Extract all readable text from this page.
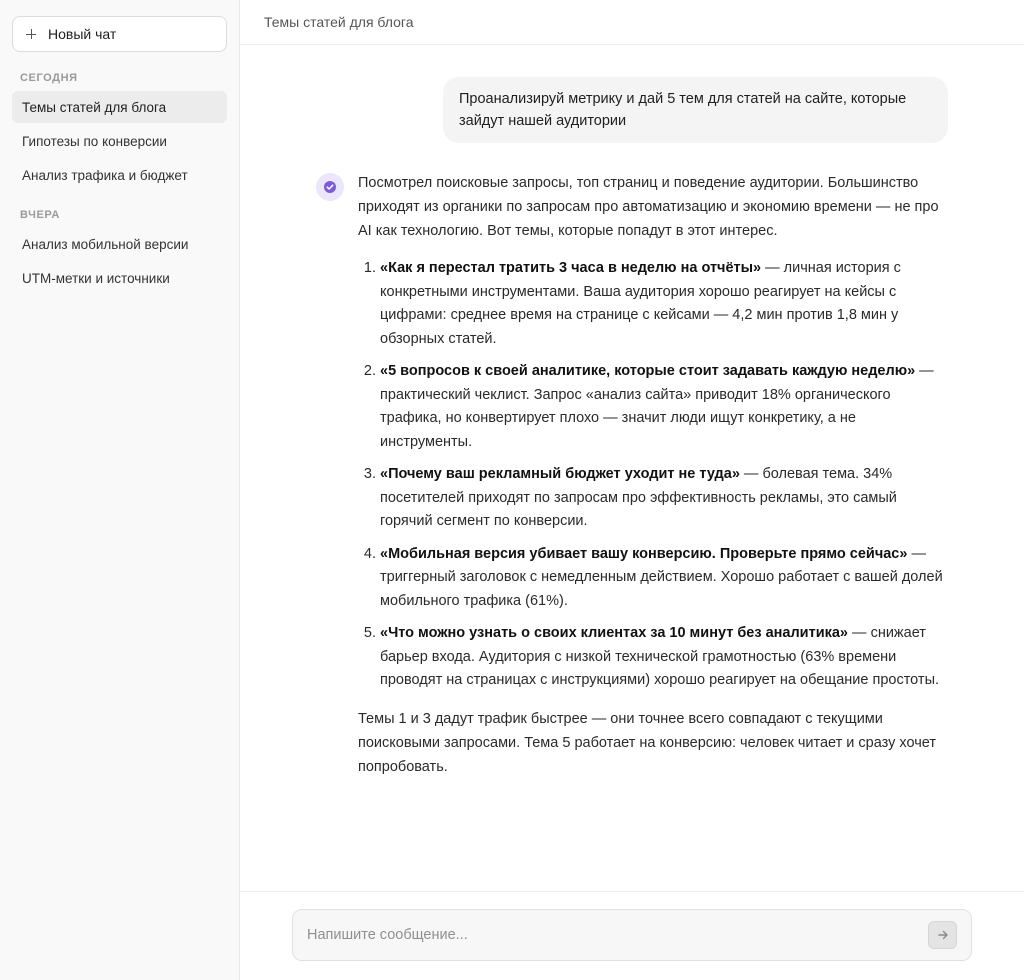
Новый чат
СЕГОДНЯ
Темы статей для блога
Гипотезы по конверсии
Анализ трафика и бюджет
ВЧЕРА
Анализ мобильной версии
UTM-метки и источники
Темы статей для блога
Проанализируй метрику и дай 5 тем для статей на сайте, которые зайдут нашей аудитории

Посмотрел поисковые запросы, топ страниц и поведение аудитории. Большинство приходят из органики по запросам про автоматизацию и экономию времени — не про AI как технологию. Вот темы, которые попадут в этот интерес.

1. «Как я перестал тратить 3 часа в неделю на отчёты» — личная история с конкретными инструментами. Ваша аудитория хорошо реагирует на кейсы с цифрами: среднее время на странице с кейсами — 4,2 мин против 1,8 мин у обзорных статей.
2. «5 вопросов к своей аналитике, которые стоит задавать каждую неделю» — практический чеклист. Запрос «анализ сайта» приводит 18% органического трафика, но конвертирует плохо — значит люди ищут конкретику, а не инструменты.
3. «Почему ваш рекламный бюджет уходит не туда» — болевая тема. 34% посетителей приходят по запросам про эффективность рекламы, это самый горячий сегмент по конверсии.
4. «Мобильная версия убивает вашу конверсию. Проверьте прямо сейчас» — триггерный заголовок с немедленным действием. Хорошо работает с вашей долей мобильного трафика (61%).
5. «Что можно узнать о своих клиентах за 10 минут без аналитика» — снижает барьер входа. Аудитория с низкой технической грамотностью (63% времени проводят на страницах с инструкциями) хорошо реагирует на обещание простоты.

Темы 1 и 3 дадут трафик быстрее — они точнее всего совпадают с текущими поисковыми запросами. Тема 5 работает на конверсию: человек читает и сразу хочет попробовать.

Напишите сообщение...
